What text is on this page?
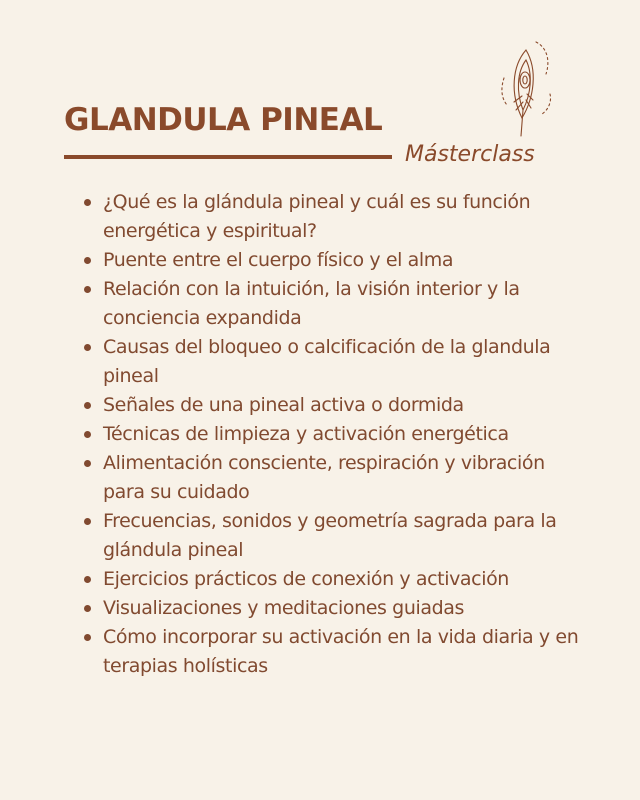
GLANDULA PINEAL
Másterclass
¿Qué es la glándula pineal y cuál es su función energética y espiritual?
Puente entre el cuerpo físico y el alma
Relación con la intuición, la visión interior y la conciencia expandida
Causas del bloqueo o calcificación de la glandula pineal
Señales de una pineal activa o dormida
Técnicas de limpieza y activación energética
Alimentación consciente, respiración y vibración para su cuidado
Frecuencias, sonidos y geometría sagrada para la glándula pineal
Ejercicios prácticos de conexión y activación
Visualizaciones y meditaciones guiadas
Cómo incorporar su activación en la vida diaria y en terapias holísticas
